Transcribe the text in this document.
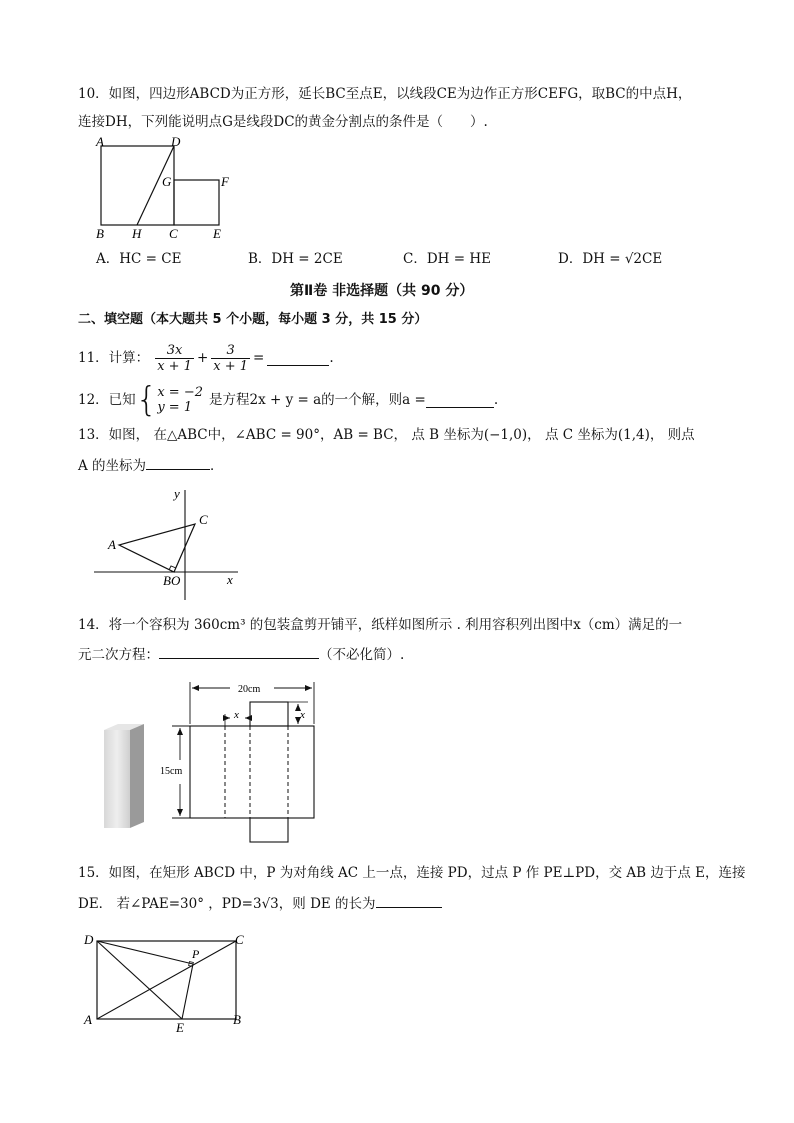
10．如图，四边形ABCD为正方形，延长BC至点E，以线段CE为边作正方形CEFG，取BC的中点H，
连接DH，下列能说明点G是线段DC的黄金分割点的条件是（　　）.
A	D
G	F
B H C	E
A．HC = CE	B．DH = 2CE	C．DH = HE	D．DH = √2CE
第Ⅱ卷 非选择题（共 90 分）
二、填空题（本大题共 5 个小题，每小题 3 分，共 15 分）
11．计算： $\frac{3x}{x + 1} + \frac{3}{x + 1}$ =	.
12．已知 { x = −2
y = 1	是方程2x + y = a的一个解，则a =	.
13．如图， 在△ABC中，∠ABC = 90°，AB = BC， 点 B 坐标为(−1,0)， 点 C 坐标为(1,4)， 则点
A 的坐标为	．
y
C
A
BO	x
14．将一个容积为 360cm³ 的包装盒剪开铺平，纸样如图所示 . 利用容积列出图中x（cm）满足的一
元二次方程：	（不必化简）.
20cm
15cm
x	x
15．如图，在矩形 ABCD 中，P 为对角线 AC 上一点，连接 PD，过点 P 作 PE⊥PD，交 AB 边于点 E，连接
DE． 若∠PAE=30° ，PD=3√3，则 DE 的长为
D	C
P
A
E
B
